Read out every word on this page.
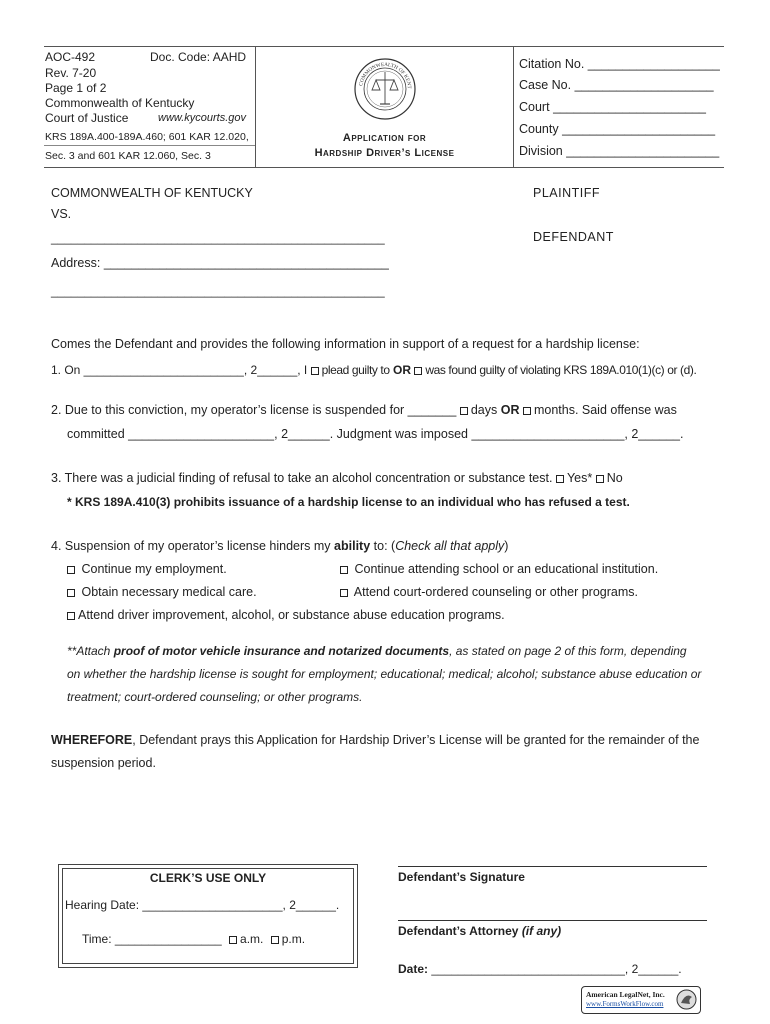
AOC-492	Doc. Code: AAHD
Rev. 7-20
Page 1 of 2
Commonwealth of Kentucky
Court of Justice	www.kycourts.gov
KRS 189A.400-189A.460; 601 KAR 12.020,
Sec. 3 and 601 KAR 12.060, Sec. 3
COMMONWEALTH OF KENT
Application for
Hardship Driver’s License
Citation No. ___________________
Case No. ____________________
Court ______________________
County ______________________
Division ______________________
COMMONWEALTH OF KENTUCKY	PLAINTIFF
VS.
__________________________________________________	DEFENDANT
Address: _________________________________________
__________________________________________________
Comes the Defendant and provides the following information in support of a request for a hardship license:
1. On ________________________, 2______, I plead guilty to OR was found guilty of violating KRS 189A.010(1)(c) or (d).
2. Due to this conviction, my operator’s license is suspended for _______ days OR months. Said offense was
committed _____________________, 2______. Judgment was imposed ______________________, 2______.
3. There was a judicial finding of refusal to take an alcohol concentration or substance test. Yes* No
* KRS 189A.410(3) prohibits issuance of a hardship license to an individual who has refused a test.
4. Suspension of my operator’s license hinders my ability to: (Check all that apply)
Continue my employment.	Continue attending school or an educational institution.
Obtain necessary medical care.	Attend court-ordered counseling or other programs.
Attend driver improvement, alcohol, or substance abuse education programs.
**Attach proof of motor vehicle insurance and notarized documents, as stated on page 2 of this form, depending
on whether the hardship license is sought for employment; educational; medical; alcohol; substance abuse education or
treatment; court-ordered counseling; or other programs.
WHEREFORE, Defendant prays this Application for Hardship Driver’s License will be granted for the remainder of the
suspension period.
CLERK’S USE ONLY
Hearing Date: _____________________, 2______.
Time: ________________ a.m. p.m.
Defendant’s Signature
Defendant’s Attorney (if any)
Date: _____________________________, 2______.
American LegalNet, Inc.
www.FormsWorkFlow.com
